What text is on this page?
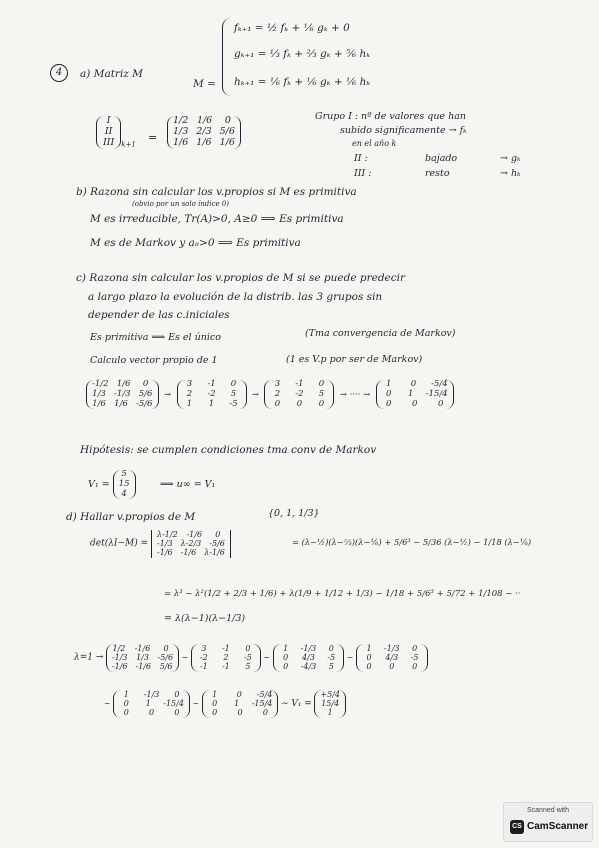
4	a) Matriz M
fₖ₊₁ = ½ fₖ + ⅙ gₖ + 0
gₖ₊₁ = ⅓ fₖ + ⅔ gₖ + ⅚ hₖ
hₖ₊₁ = ⅙ fₖ + ⅙ gₖ + ⅙ hₖ
M =
I
II
III k+1
=
1/2 1/6	0
1/3 2/3 5/6
1/6 1/6 1/6
Grupo I : nº de valores que han
subido significamente → fₖ
en el año k
II :	bajado	→ gₖ
III :	resto	→ hₖ
b) Razona sin calcular los v.propios si M es primitiva
(obvio por un solo índice 0)
M es irreducible, Tr(A)>0, A≥0 ⟹ Es primitiva
M es de Markov y aᵢᵢ>0 ⟹ Es primitiva
c) Razona sin calcular los v.propios de M si se puede predecir
a largo plazo la evolución de la distrib. las 3 grupos sin
depender de las c.iniciales
Es primitiva ⟹ Es el único	(Tma convergencia de Markov)
Calculo vector propio de 1	(1 es V.p por ser de Markov)
-1/2 1/6	0
1/3 -1/3 5/6
1/6 1/6 -5/6
→
3	-1	0
2	-2	5
1	1	-5
→
3	-1	0
2	-2	5
0	0	0
→ ···· →
1	0	-5/4
0	1	-15/4
0	0	0
Hipótesis: se cumplen condiciones tma conv de Markov
V₁ =
5
15
4
⟹ u∞ = V₁
d) Hallar v.propios de M	{0, 1, 1/3}
det(λI−M) =
λ-1/2 -1/6	0
-1/3 λ-2/3 -5/6
-1/6 -1/6 λ-1/6
= (λ−½)(λ−⅔)(λ−⅙) + 5/6³ − 5/36 (λ−½) − 1/18 (λ−⅙)
= λ³ − λ²(1/2 + 2/3 + 1/6) + λ(1/9 + 1/12 + 1/3) − 1/18 + 5/6³ + 5/72 + 1/108 − ··
= λ(λ−1)(λ−1/3)
λ=1 →
1/2 -1/6	0
-1/3 1/3 -5/6
-1/6 -1/6 5/6
∼
3	-1	0
-2	2	-5
-1	-1	5
∼
1	-1/3	0
0	4/3	-5
0	-4/3	5
∼
1	-1/3	0
0	4/3	-5
0	0	0
∼
1	-1/3	0
0	1	-15/4
0	0	0
∼
1	0	-5/4
0	1	-15/4
0	0	0
∼ V₁ =
+5/4
15/4
1
Scanned with
CS CamScanner
